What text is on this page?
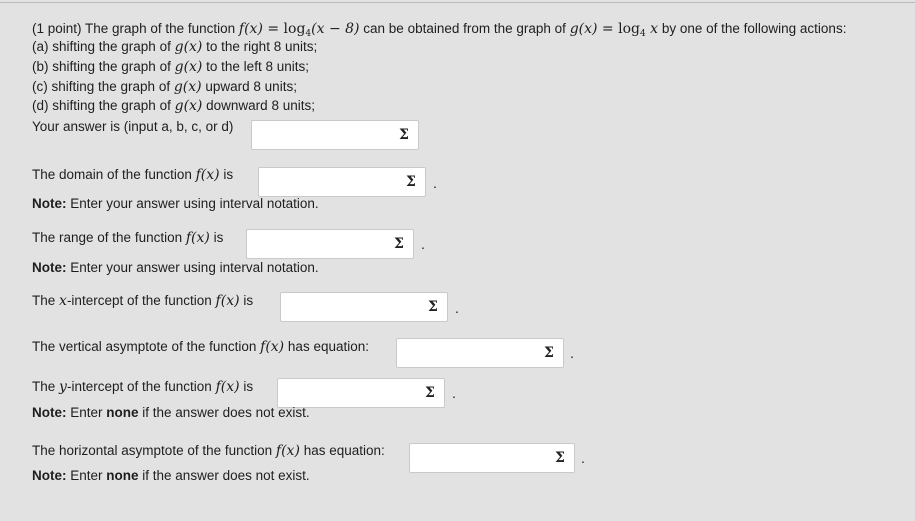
(1 point) The graph of the function $f(x) = \log_4(x - 8)$ can be obtained from the graph of $g(x) = \log_4 x$ by one of the following actions:
(a) shifting the graph of g(x) to the right 8 units;
(b) shifting the graph of g(x) to the left 8 units;
(c) shifting the graph of g(x) upward 8 units;
(d) shifting the graph of g(x) downward 8 units;
Your answer is (input a, b, c, or d)
Σ
The domain of the function f(x) is	Σ	.
Note: Enter your answer using interval notation.
The range of the function f(x) is	Σ	.
Note: Enter your answer using interval notation.
The x-intercept of the function f(x) is	Σ	.
The vertical asymptote of the function f(x) has equation:	Σ	.
The y-intercept of the function f(x) is	Σ	.
Note: Enter none if the answer does not exist.
The horizontal asymptote of the function f(x) has equation:	Σ	.
Note: Enter none if the answer does not exist.
